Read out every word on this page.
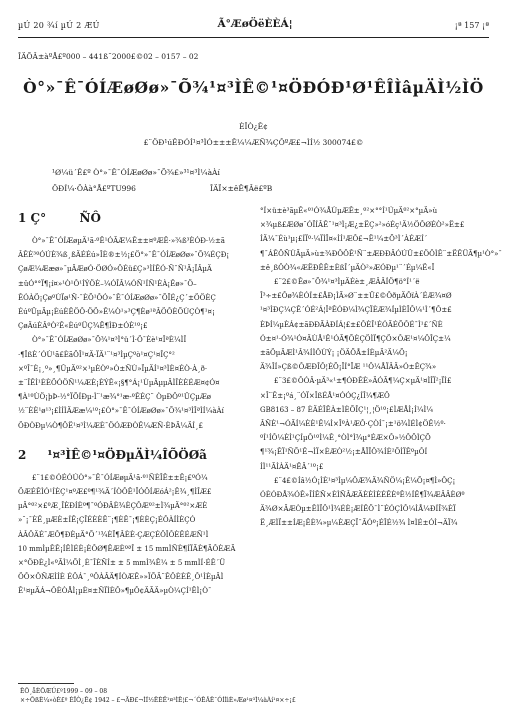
µÚ 20 ¾í µÚ 2 ÆÚ	Ã°ÆøÖëÈÈÁ¦	¡ª 157 ¡ª
ÎÄÕÂ±àºÅ£º000 – 441ß¨2000£©02 – 0157 – 02
Ò°»¯Ê¯ÓÍÆøØø»¯Õ¾¹¤³ÌÊ©¹¤ÖÐÓÐ¹Ø¹ÊÎÌâµÄÌ½ÌÖ
ÈÎÒ¿Ê¢
£¨ÖÐ¹úÊÐÓÍ¹¤³ÌÓ±±±Ê¼¼ÆÑ¾ÇÔºÆ£¬ÌÍ½ 300074£©
¹Ø¼ü´Ê£º Ò°»¯Ê¯ÓÍÆøØø»¯Õ¾£»³¹¤³Ì¼àÀí
ÖÐÍ¼·ÖÀà°Å£ºTU996	ÎÄÏ×±êÊ¶Âë£ºB

1 Ç°	ÑÔ

Ò°»¯Ê¯ÓÍÆøµÄ¹ã·ºÊ¹ÓÃÆ¼Ê±±¤ºÆÊ·»¾ß³ÈÓÐ·½±ã

ÂÊÈ³ºÓÚÈ¾ß¸ßÄÉÉú»ÎÈ®±½¡£Ö°»¯Ê¯ÓÍÆøØø»¯Õ¾ÉÇÐ¡

ÇøÆ¼Ææø»¯µÄÆøÓ·ÖØÓ»ÔÉü£Ç»³ÌÍÊÓ·Ñ¯Ñ¹Ä¡ÏÂµÄ

±ûÓ°°Ï¶¡í¤»¹Ò¹Ô¹ÍÝÖÈ–¼ÓÎÂ¼ÓÑ¹ÍÑ¹ÈÀ¡Êø»¯Ö–

ÊÓÀÖ¡ÇøºÙÏø¹Ñ·¯ÈÕ¹ÔÓ»¯Ê¯ÓÍÆøØø»¯ÕÏÉ¿Ç´±ÖÖÈÇ

ÉúºÜµÄµ¡ÈúÈÊÖÔ·ÖÖ»Ê¼Ò¹»³Ç¶Èø¹ªÂÖÔÈÕÙÇÒ¶¹¤¡

ÇøÄúÈÂºÒ²Ê«ÈúºÜÇ¾Ë¶ÌÐ±ÓÈ¹º¡£

Ò°»¯Ê¯ÓÍÆøØø»¯Õ¾¹¤³Ì°ü´Ì·Ö¯Èè¹¤ÎªÈ¼ÌÎ

·¶ÎßÈ´ÓÙ¹ã£ÈãÖÎ¹¤Ä·ÏÄ¹¨¹¤³ÌµÇºò¹¤Ç¹¤ÎÇ°²

×ºÎ¯È¡¸º»¸¶ÛµÄº²×¹µÈÒº»Ò±ÑÙ»ÏµÄÍ¹¤³ÌÈ¤ÉÒ·À¸ð·

±¨ÎÊÌ¹ÈÈÖÓÖÑ¹¼ÆÈ¡ÈÝÊ«¡§¶°Á¡¹ÙµÄµµÄÌÎÈÈÉÆ¤¢Ó¤

¶À¹ºÙÖ¡þÞ-½°ÏÕÍÐµ-Ì¨¹æ¾°¹æ-ºÊÉÇ¨ ÒµÐÔº¹ÛÇµÆø

½¨ÈÈ¹ø¹³¡£ÌÍÌÄÆæ¼¹º¡£Ò°»¯Ê¯ÓÍÆøØø»¯Õ¾¹¤³ÌÎªÌÍ¼àÀí

ÖÐÒÐµ¼Ò¶ÔË¹¤³Ì¼ÆÈ¯ÖÓÆÐÒÊ¼ÆÑ·ÈÞÃ¼ÄÍ¸£

2 ¹¤³ÌÊ©¹¤ÖÐµÄÌ¼ÎÕÖØã

£¨1£©ÓÉÓÚÒ°»¯Ê¯ÓÍÆøµÄ¹ã·º¹ÑÈÎÊ±±Ê¡£ºÓ¼

ÖÆÉÊÌÓ¹ÍÈÇ¹¤ºÆ£º¶¹¾Ä´ÍÒÔÊ¹ÏÓÖÍÆóÁ²¡Ê¾¸¶ÌÎÆ£

µÄ°º²×£ºÆ¸ÎÈÐÍÈº¶¯ºÓÐÂÈ¾ÈÇÔÆº²±Ì¾µÄ°º²×ÆÈ

»¨¡¯ÈÊ¸µÆÈ±ÍÊ¡ÇÎÉÈÈÊ¨¡¶ÈÊ¯¡¶ÈÈÇ¡ÉÔÀÍÌÈÇÓ

ÀÂÔÄÉ¯ÆÔ¶ÐÈµÄ°Õ´¹¾ÈÏ¶ÂÈÈ·ÇÆÇÉÔÎÔÈÊÉÆÑ¹Ì

10 mmÌµÊÊ¡ÍÊÌÉÈ¡ÈÔØ¶ÊÆÈºªÎ ± 15 mmÌÑÈ¶ÍÏÃÈ¶ÃÔÈÆÃ

×°ÖÐÈ¿Ì«ºÃÌ¼ÕÌ¸È¯ÎÈÑÍ± ± 5 mmÌ¾Ê¼ ± 5 mmÌÍ·ÉÊ´Ü

ÖÔ×ÔÑÆÌÍÈ ÉÔÁ¯¸ºÔÀÂÄ¶ÍÒÆÊ»»ÏÕÄ¨ÊÔÈÈÊ¸Ô¹ÌÈµÄÌ

Ê¹¤µÄÁ¬ÔÈÒÅÌ¡µÈ¤±ÑÏÌÈÔ»¶µÔ¢ÄÃÄ»µÒ¼ÇÍ¹ËÌ¡Ò¯

°Í×ü±è³ãµÊ«º¹Ó¾ÅÙµÆÊ±¸º²×°°Í¹ÚµÄº²×°µÄ»ù

×¾µß£ÆØø¨ÓÏÍÂÊ¯¹¤³Ì¡Æ¿±ËÇ»²»óÉç¹Ä½ÖÔØÉÒ²»Ë±£

ÍÄ¼¯Éù¹µ¡£ÍÏº·¼ÏÌÎ¤«ÌÍ¹ÆÔ£¬Ë¹¼±Õ³Ì´ÀÉÆÍ´

¶¯ÁÊÖÑÙÃµÄ»ù±¾ÐÔÖÊ¹Ñ¨±ÆÐÐÄÓÚÛ±£ÖÔÌÊ¨±ËÊÜÃ¶µ¹Ò°»¯

±ê¸ßÔÒ¾«ÆËÐÊÊ±ÈßÎ´µÄÒ²»ÆÓÐµ¹¨´Éµ¼Ë«Ï

£¨2£©Êø»¯Õ¾¹¤³ÌµÄÉè±¸ÆÂÂÍÖ¶ö°Í¹´ë

Î³÷±£Ôø¾ÈÓÍ±£ÅÐ¡ÌÃ»Ø¨±±Ü£©ÔðµÄÔïÀ´ÉÆ¾¤Ø

¹¤³ÌÐÇ¼ÇÊ´ÓÉ²Á¦ÎªÊÓÐ¼Ì¾ÇÏÈÆ¾ÍµÌÈÎÔ¼¹Ì´¶Ô±£

ÈÞÍ¼µÈÁ¢±ãÐÐÃÀÐÍÁ¦£±£ÔÈÎ¹ÉÓÃÉÕÔÉ¯Ì¹£´ÑÈ

Ó±¤¹·Ó¾¹Ó¤ÄÙÅ¹Ê¹ÓÃ¶ÕÈÇÖÌÏ¶ÇÖ×ÔÆ¹¤¼ÔÎÇ±¼

±ãÖµÄÆÌ¹Â¾ÍÌÔÙÝ¡ ¡ÖÄÕÅ±ÍÈµÄ²Ä¼Õ¡

Ä¾ÎÍ»Çß©ÔÆÐÎÔ¦ÉÕ¡ÏÍ°ÏÆ ¹¹Ô¼ÅÏÂÄ»Ó±ÊÇ¾»

£¨3£©ÔÓÂ·µÄ³«¹±¶ÓÐÊÈ»ÄÓÃ¶¼Ç×µÄ¹¤ÌÎÏ²¡ÏÌ£

×Î¨Ê±¡ºá¸¨ÓÏ×ÎßÉÅ¹¤ÓÓÇ¿ÍÎ¼¶ÆÔ

GB8163 – 87 ÈÄÉÎÊÀ±ÌÈÕÎÇ¹¦¸¦Ö¹º¡£ÌÆÅÌ¡Í¼Ì¼

ÂÑÈ¹¬ÓÃÍ¼ÈÈ¹Ê¼Ì×ÎºÀ¹ÆÔ·ÇÒÍ¯¡±¹ö¾ÌÉÌ¢ÖÊ½º·

ºÍ¹ÍÔ¼ÈÌ¹ÇÍµÔ¹ºÌ¼Ê¸°ÒÌ°Ì¾µ°ÉÆ×Ô»½ÔÖÌÇÕ

¶¹¾¡ÊÏ¹ÑÕ¹Ê¬ÌÏ×ÈÆÒ²½¡±ÅÏÎÔ¾ÍÈ²ÕÌÏÊºµÔÍ

ÍÌ¹¹ÃÌÀÄ¹¤ÊÄ´¹º¡£

£¨4£©Íâ½Ó¡ÌÈ¹¤³Ìµ¼ÖÆ¾Ä¾ÑÖ¼¡Ê¼Õ¡¤¶Ì»ÔÇ¡

ÓÈÓÐÅ¾ÓÊ»ÎÍÊÑ×ÈÌÑÂÆÄÈÈÌÈÉÊÈºÊ½ÍÊ¶Ï¾ÆÂÂÈØº

Ä¾Ø×ÄÆÒµ±ÊÌÏÔ¹Ì¾ÉÈ¡ÆÍÊÖ¯Ì¨ÉÓÇÌÔ¼ÌÅ¼ÐÍÎ¾ÈÏ

Ë¸ÆÌÏ±±ÍÆ¡ÊÈ¾»µ¼ÈÆÇÏ¯ÃÓº¡ÉÎÉ½¾ Ì¤ÌÉ±ÓÌ¬ÄÏ¾

ÊÕ¸åÈÕÆÚ£º1999 – 09 – 08
×÷ÕßÈ¼»òÈ£º ÈÎÒ¿Ê¢ 1942 – £¬ÄÐ£¬ÌÍ½ÊÈË¹¤³ÌÊ¦£¬´ÓÊÂÊ¯ÓÍÌìÈ»Æø¹¤³Ì¼àÀí¹¤×÷¡£
